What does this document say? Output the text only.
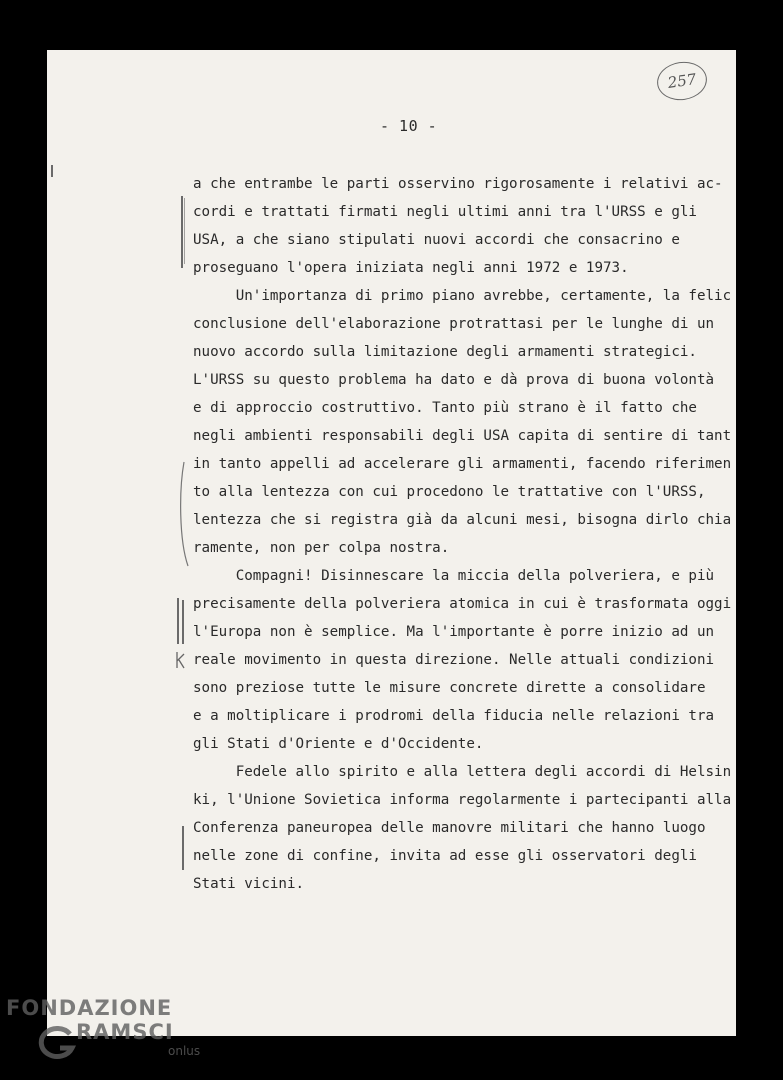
257
- 10 -
a che entrambe le parti osservino rigorosamente i relativi ac-
cordi e trattati firmati negli ultimi anni tra l'URSS e gli
USA, a che siano stipulati nuovi accordi che consacrino e
proseguano l'opera iniziata negli anni 1972 e 1973.
Un'importanza di primo piano avrebbe, certamente, la felic
conclusione dell'elaborazione protrattasi per le lunghe di un
nuovo accordo sulla limitazione degli armamenti strategici.
L'URSS su questo problema ha dato e dà prova di buona volontà
e di approccio costruttivo. Tanto più strano è il fatto che
negli ambienti responsabili degli USA capita di sentire di tant
in tanto appelli ad accelerare gli armamenti, facendo riferimen
to alla lentezza con cui procedono le trattative con l'URSS,
lentezza che si registra già da alcuni mesi, bisogna dirlo chia
ramente, non per colpa nostra.
Compagni! Disinnescare la miccia della polveriera, e più
precisamente della polveriera atomica in cui è trasformata oggi
l'Europa non è semplice. Ma l'importante è porre inizio ad un
reale movimento in questa direzione. Nelle attuali condizioni
sono preziose tutte le misure concrete dirette a consolidare
e a moltiplicare i prodromi della fiducia nelle relazioni tra
gli Stati d'Oriente e d'Occidente.
Fedele allo spirito e alla lettera degli accordi di Helsin
ki, l'Unione Sovietica informa regolarmente i partecipanti alla
Conferenza paneuropea delle manovre militari che hanno luogo
nelle zone di confine, invita ad esse gli osservatori degli
Stati vicini.
FONDAZIONE
RAMSCI
onlus
